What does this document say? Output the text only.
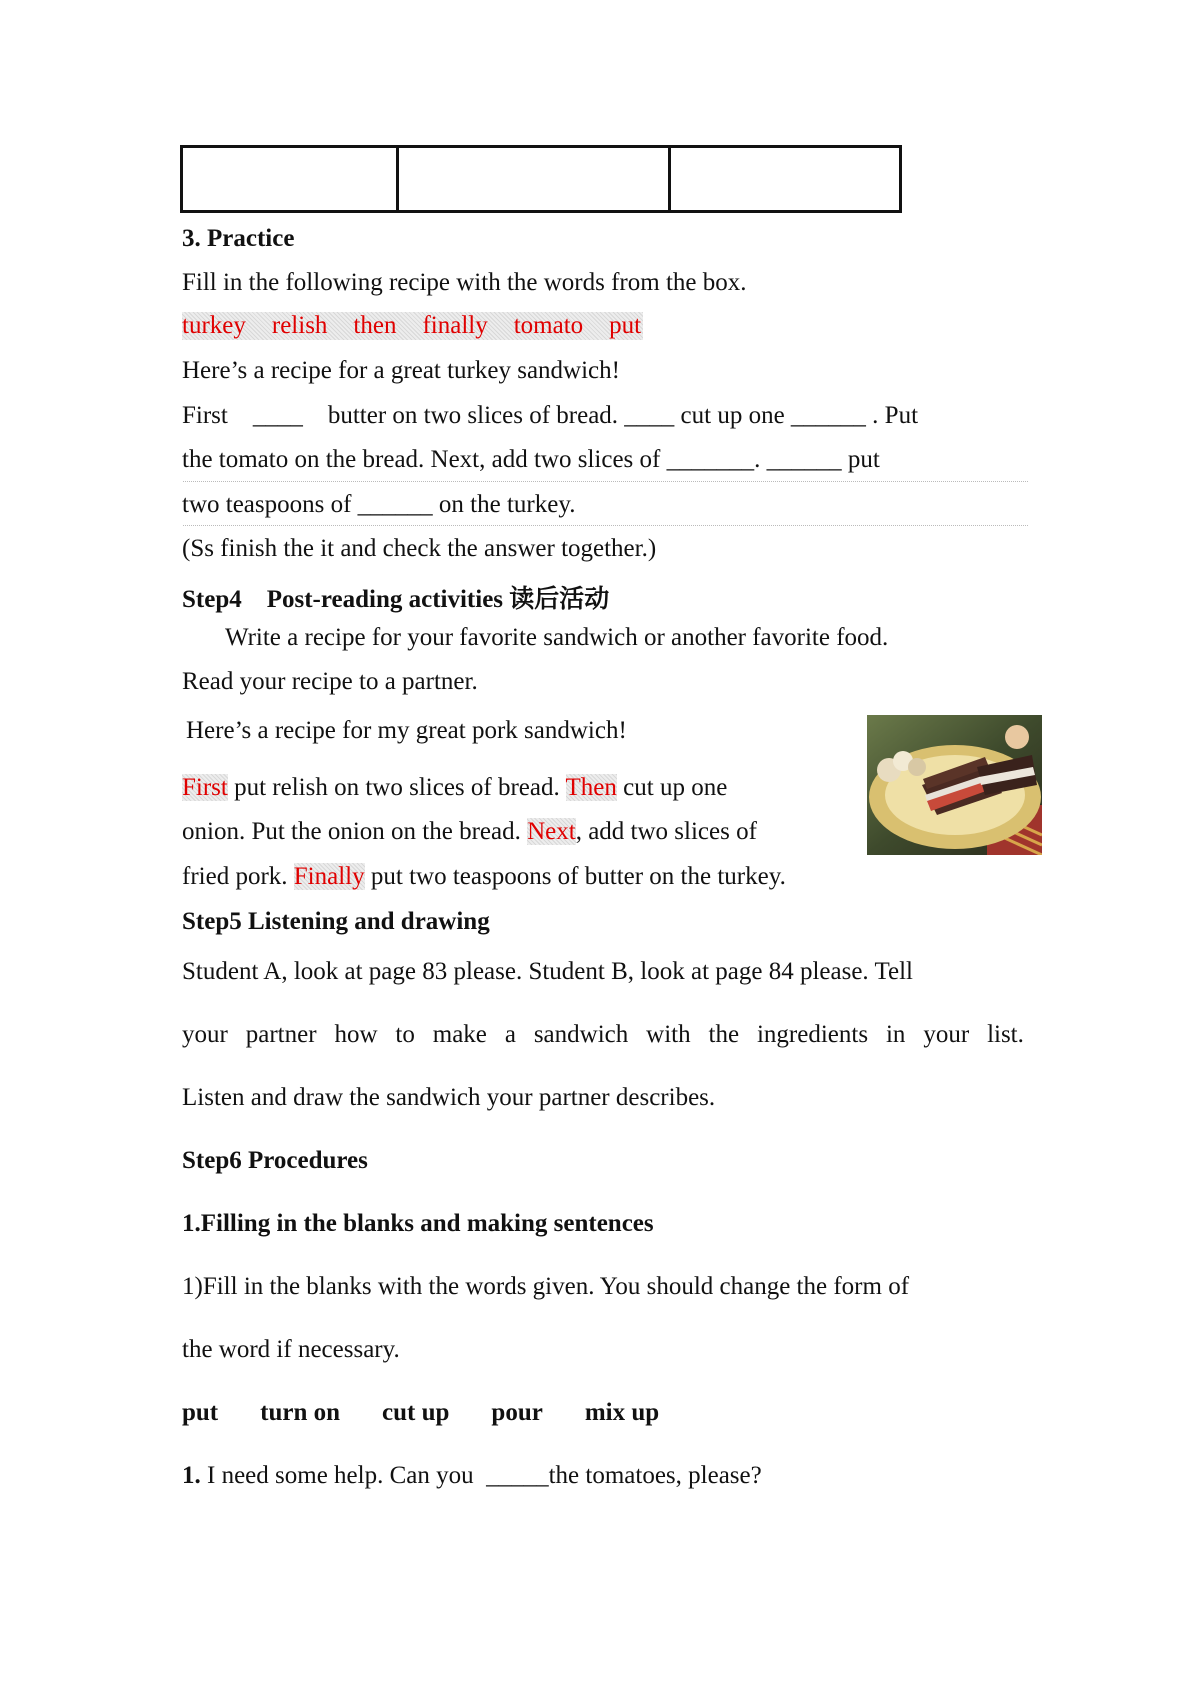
3. Practice
Fill in the following recipe with the words from the box.
turkey relish then finally tomato put
Here’s a recipe for a great turkey sandwich!
First    ____    butter on two slices of bread. ____ cut up one ______ . Put
the tomato on the bread. Next, add two slices of _______. ______ put
two teaspoons of ______ on the turkey.
(Ss finish the it and check the answer together.)
Step4    Post-reading activities 读后活动
Write a recipe for your favorite sandwich or another favorite food.
Read your recipe to a partner.
Here’s a recipe for my great pork sandwich!
First put relish on two slices of bread. Then cut up one
onion. Put the onion on the bread. Next, add two slices of
fried pork. Finally put two teaspoons of butter on the turkey.
Step5 Listening and drawing
Student A, look at page 83 please. Student B, look at page 84 please. Tell
your partner how to make a sandwich with the ingredients in your list.
Listen and draw the sandwich your partner describes.
Step6 Procedures
1.Filling in the blanks and making sentences
1)Fill in the blanks with the words given. You should change the form of
the word if necessary.
put turn on cut up pour mix up
1. I need some help. Can you  _____the tomatoes, please?
